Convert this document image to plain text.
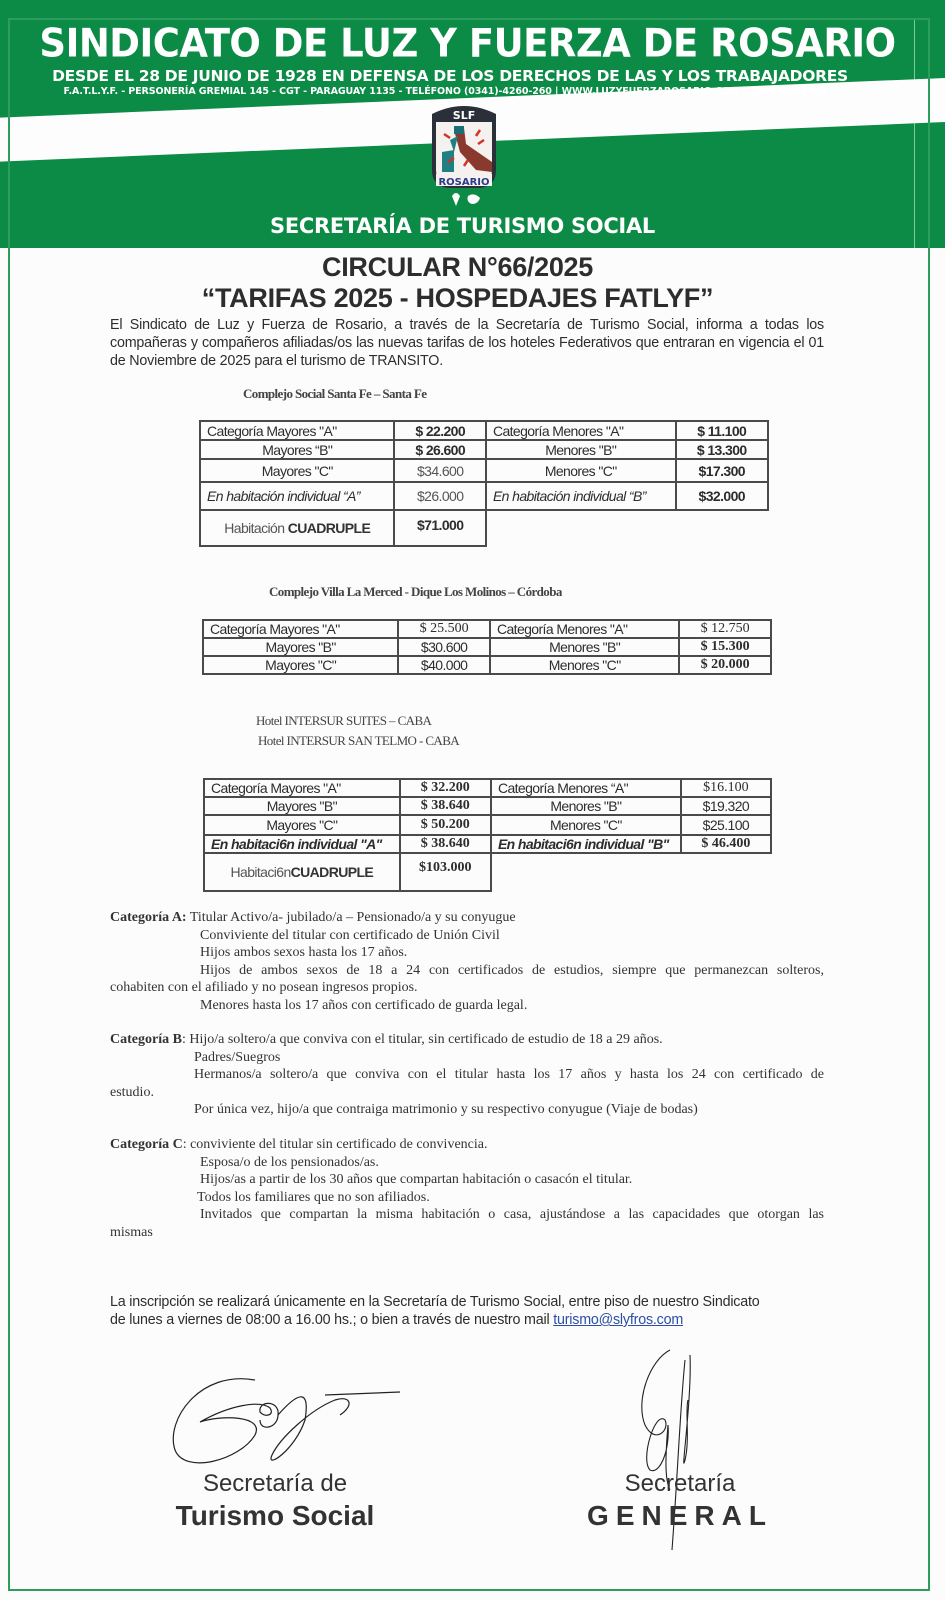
SINDICATO DE LUZ Y FUERZA DE ROSARIO
DESDE EL 28 DE JUNIO DE 1928 EN DEFENSA DE LOS DERECHOS DE LAS Y LOS TRABAJADORES
F.A.T.L.Y.F. - PERSONERÍA GREMIAL 145 - CGT - PARAGUAY 1135 - TELÉFONO (0341)-4260-260 | WWW.LUZYFUERZAROSARIO.COM - 2000 ROSARIO
SLF
ROSARIO
SECRETARÍA DE TURISMO SOCIAL
CIRCULAR N°66/2025
“TARIFAS 2025 - HOSPEDAJES FATLYF”
El Sindicato de Luz y Fuerza de Rosario, a través de la Secretaría de Turismo Social, informa a todas los compañeras y compañeros afiliadas/os las nuevas tarifas de los hoteles Federativos que entraran en vigencia el 01 de Noviembre de 2025 para el turismo de TRANSITO.
Complejo Social Santa Fe – Santa Fe
Categoría Mayores "A"	$ 22.200	Categoría Menores "A"	$ 11.100
Mayores “B"	$ 26.600	Menores "B"	$ 13.300
Mayores "C"	$34.600	Menores "C"	$17.300
En habitación individual “A”	$26.000	En habitación individual “B”	$32.000
Habitación CUADRUPLE	$71.000		
Complejo Villa La Merced - Dique Los Molinos – Córdoba
Categoría Mayores "A"	$ 25.500	Categoría Menores "A"	$ 12.750
Mayores "B"	$30.600	Menores "B"	$ 15.300
Mayores "C"	$40.000	Menores "C"	$ 20.000
Hotel INTERSUR SUITES – CABA
Hotel INTERSUR SAN TELMO - CABA
Categoría Mayores "A"	$ 32.200	Categoría Menores “A"	$16.100
Mayores "B"	$ 38.640	Menores "B"	$19.320
Mayores "C"	$ 50.200	Menores "C"	$25.100
En habitaci6n individual "A"	$ 38.640	En habitaci6n individual "B"	$ 46.400
Habitaci6nCUADRUPLE	$103.000		
Categoría A: Titular Activo/a- jubilado/a – Pensionado/a y su conyugue
Conviviente del titular con certificado de Unión Civil
Hijos ambos sexos hasta los 17 años.
Hijos de ambos sexos de 18 a 24 con certificados de estudios, siempre que permanezcan solteros,
cohabiten con el afiliado y no posean ingresos propios.
Menores hasta los 17 años con certificado de guarda legal.
Categoría B: Hijo/a soltero/a que conviva con el titular, sin certificado de estudio de 18 a 29 años.
Padres/Suegros
Hermanos/a soltero/a que conviva con el titular hasta los 17 años y hasta los 24 con certificado de
estudio.
Por única vez, hijo/a que contraiga matrimonio y su respectivo conyugue (Viaje de bodas)
Categoría C: conviviente del titular sin certificado de convivencia.
Esposa/o de los pensionados/as.
Hijos/as a partir de los 30 años que compartan habitación o casacón el titular.
Todos los familiares que no son afiliados.
Invitados que compartan la misma habitación o casa, ajustándose a las capacidades que otorgan las
mismas
La inscripción se realizará únicamente en la Secretaría de Turismo Social, entre piso de nuestro Sindicato
de lunes a viernes de 08:00 a 16.00 hs.; o bien a través de nuestro mail turismo@slyfros.com
Secretaría de
Turismo Social
Secretaría
GENERAL
